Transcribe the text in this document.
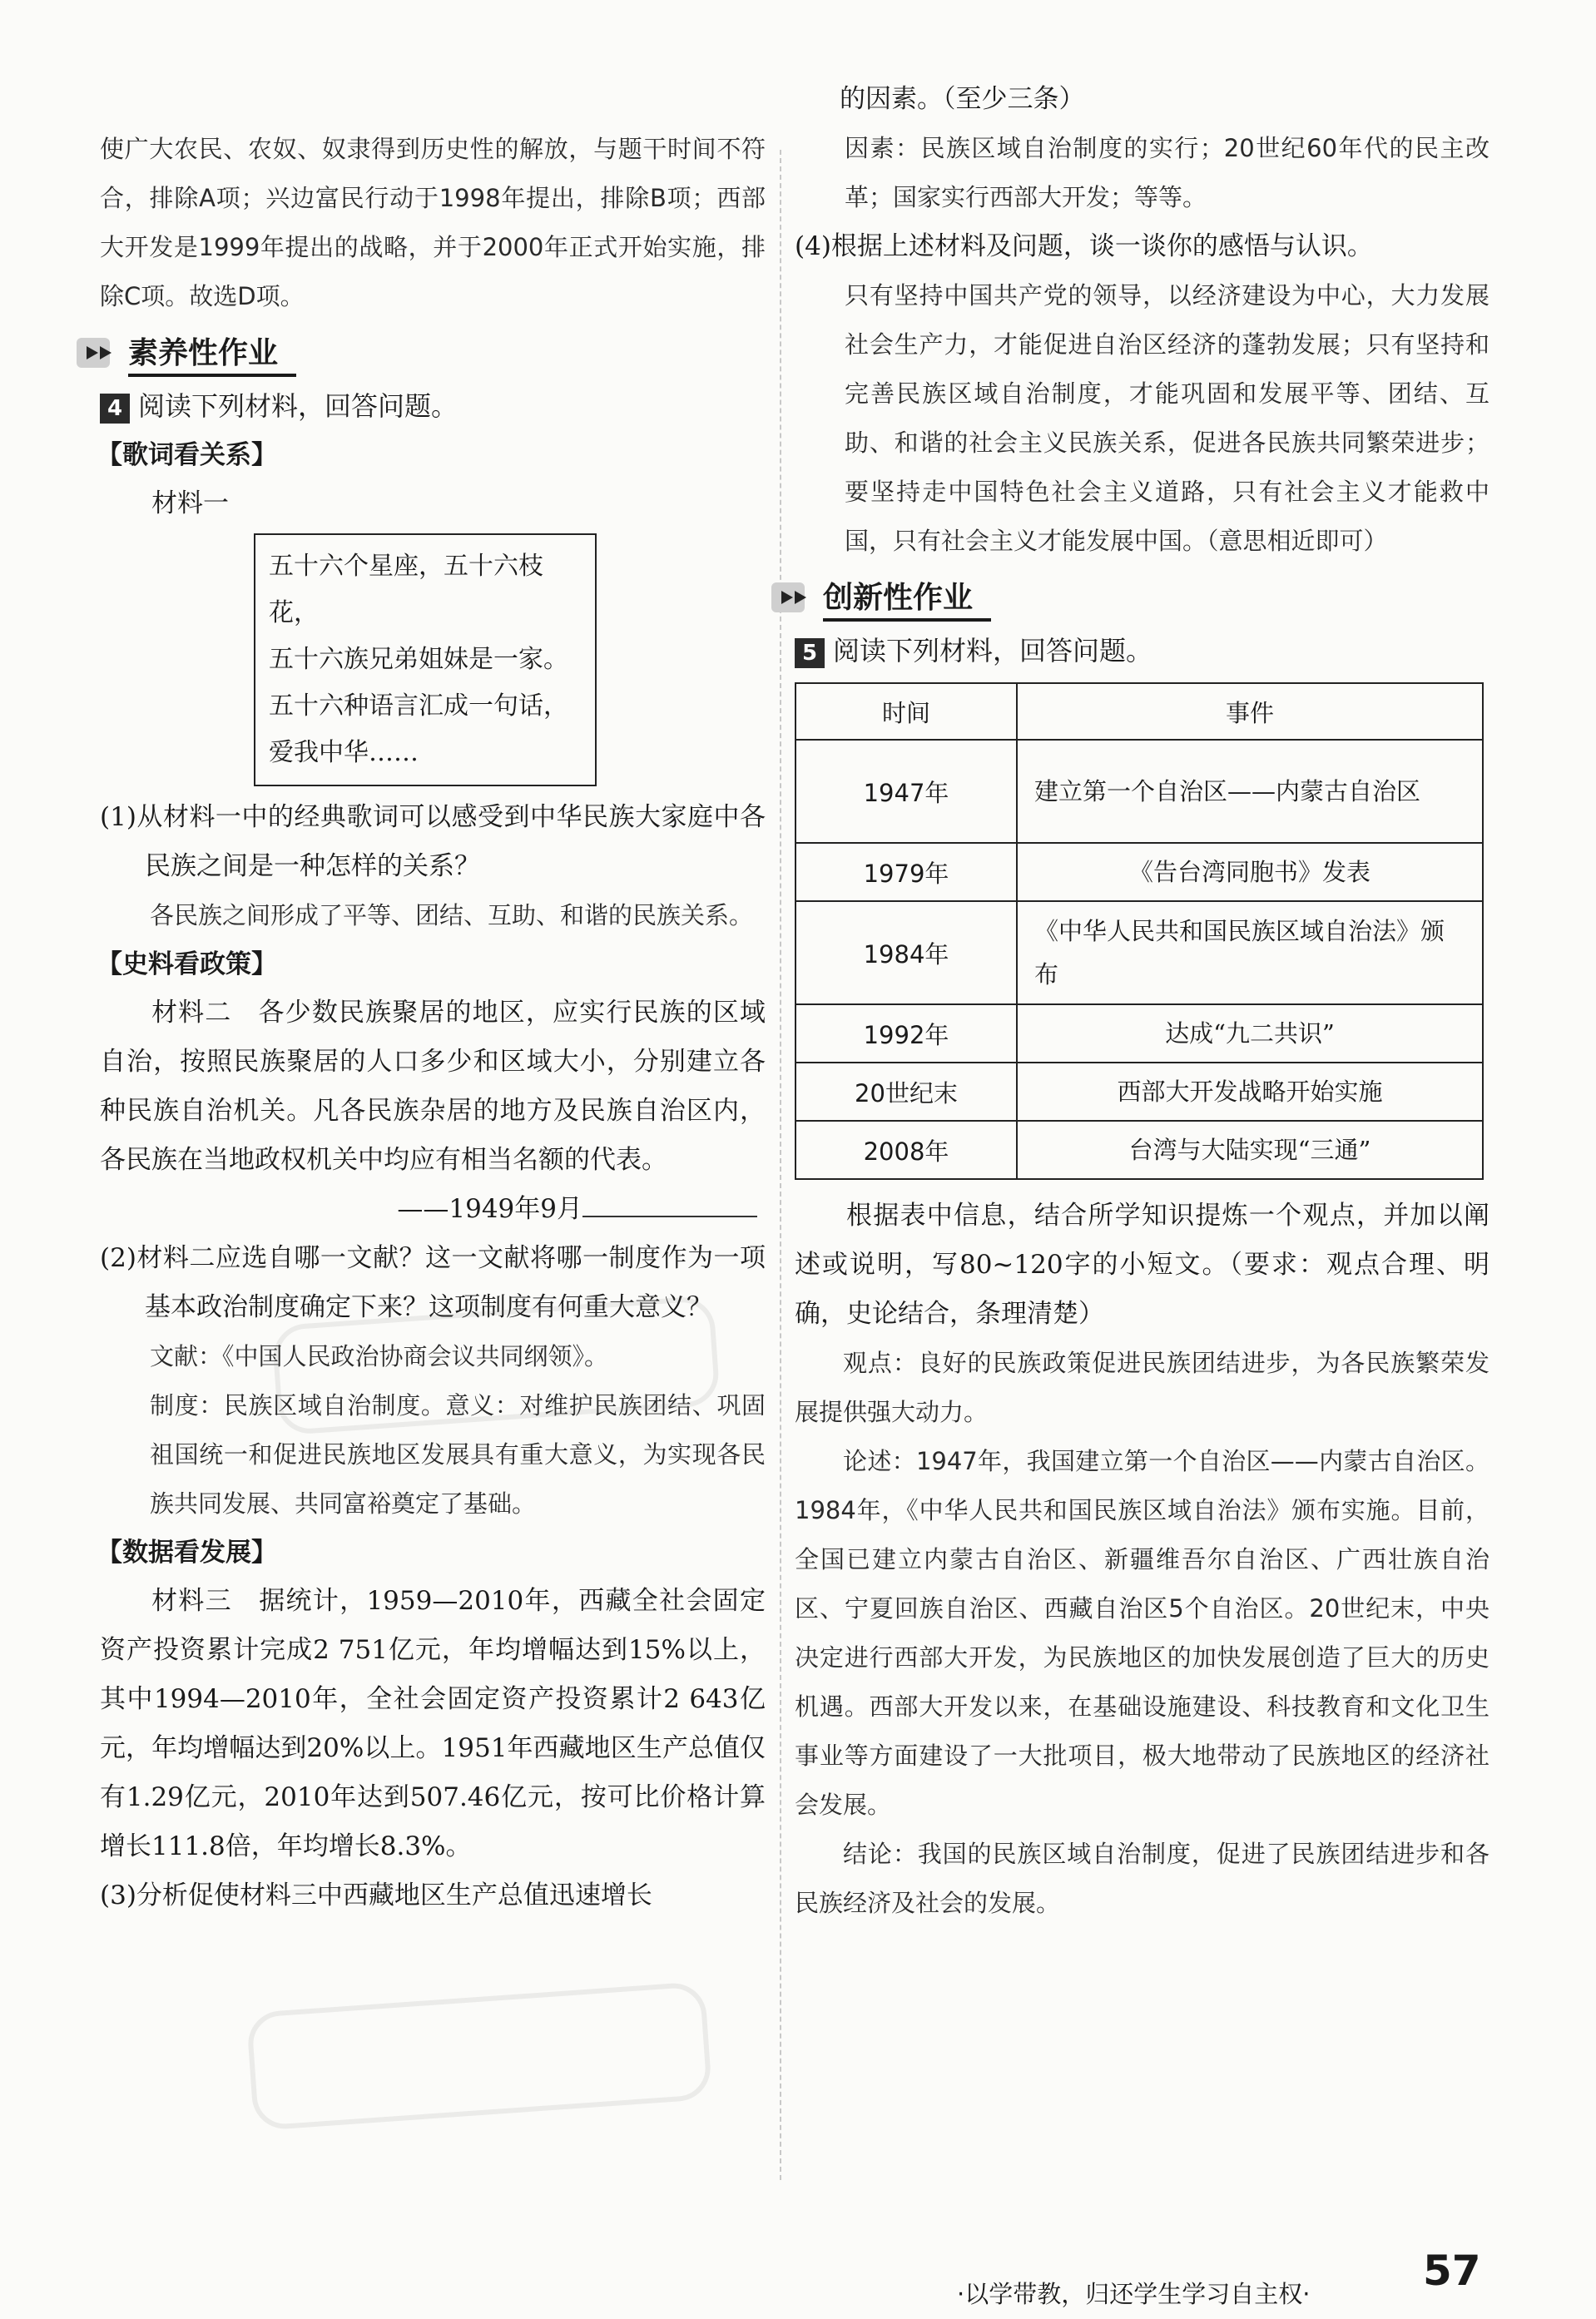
使广大农民、农奴、奴隶得到历史性的解放，与题干时间不符合，排除A项；兴边富民行动于1998年提出，排除B项；西部大开发是1999年提出的战略，并于2000年正式开始实施，排除C项。故选D项。

素养性作业

4 阅读下列材料，回答问题。

【歌词看关系】

材料一

五十六个星座，五十六枝花，

五十六族兄弟姐妹是一家。

五十六种语言汇成一句话，

爱我中华……

(1)从材料一中的经典歌词可以感受到中华民族大家庭中各民族之间是一种怎样的关系？

各民族之间形成了平等、团结、互助、和谐的民族关系。

【史料看政策】

材料二　各少数民族聚居的地区，应实行民族的区域自治，按照民族聚居的人口多少和区域大小，分别建立各种民族自治机关。凡各民族杂居的地方及民族自治区内，各民族在当地政权机关中均应有相当名额的代表。

——1949年9月

(2)材料二应选自哪一文献？这一文献将哪一制度作为一项基本政治制度确定下来？这项制度有何重大意义？

文献：《中国人民政治协商会议共同纲领》。

制度：民族区域自治制度。意义：对维护民族团结、巩固祖国统一和促进民族地区发展具有重大意义，为实现各民族共同发展、共同富裕奠定了基础。

【数据看发展】

材料三　据统计，1959—2010年，西藏全社会固定资产投资累计完成2 751亿元，年均增幅达到15%以上，其中1994—2010年，全社会固定资产投资累计2 643亿元，年均增幅达到20%以上。1951年西藏地区生产总值仅有1.29亿元，2010年达到507.46亿元，按可比价格计算增长111.8倍，年均增长8.3%。

(3)分析促使材料三中西藏地区生产总值迅速增长

的因素。（至少三条）

因素：民族区域自治制度的实行；20世纪60年代的民主改革；国家实行西部大开发；等等。

(4)根据上述材料及问题，谈一谈你的感悟与认识。

只有坚持中国共产党的领导，以经济建设为中心，大力发展社会生产力，才能促进自治区经济的蓬勃发展；只有坚持和完善民族区域自治制度，才能巩固和发展平等、团结、互助、和谐的社会主义民族关系，促进各民族共同繁荣进步；要坚持走中国特色社会主义道路，只有社会主义才能救中国，只有社会主义才能发展中国。（意思相近即可）

创新性作业

5 阅读下列材料，回答问题。

时间	事件
1947年	建立第一个自治区——内蒙古自治区
1979年	《告台湾同胞书》发表
1984年	《中华人民共和国民族区域自治法》颁布
1992年	达成“九二共识”
20世纪末	西部大开发战略开始实施
2008年	台湾与大陆实现“三通”

根据表中信息，结合所学知识提炼一个观点，并加以阐述或说明，写80~120字的小短文。（要求：观点合理、明确，史论结合，条理清楚）

观点：良好的民族政策促进民族团结进步，为各民族繁荣发展提供强大动力。

论述：1947年，我国建立第一个自治区——内蒙古自治区。1984年，《中华人民共和国民族区域自治法》颁布实施。目前，全国已建立内蒙古自治区、新疆维吾尔自治区、广西壮族自治区、宁夏回族自治区、西藏自治区5个自治区。20世纪末，中央决定进行西部大开发，为民族地区的加快发展创造了巨大的历史机遇。西部大开发以来，在基础设施建设、科技教育和文化卫生事业等方面建设了一大批项目，极大地带动了民族地区的经济社会发展。

结论：我国的民族区域自治制度，促进了民族团结进步和各民族经济及社会的发展。

·以学带教，归还学生学习自主权·	57
